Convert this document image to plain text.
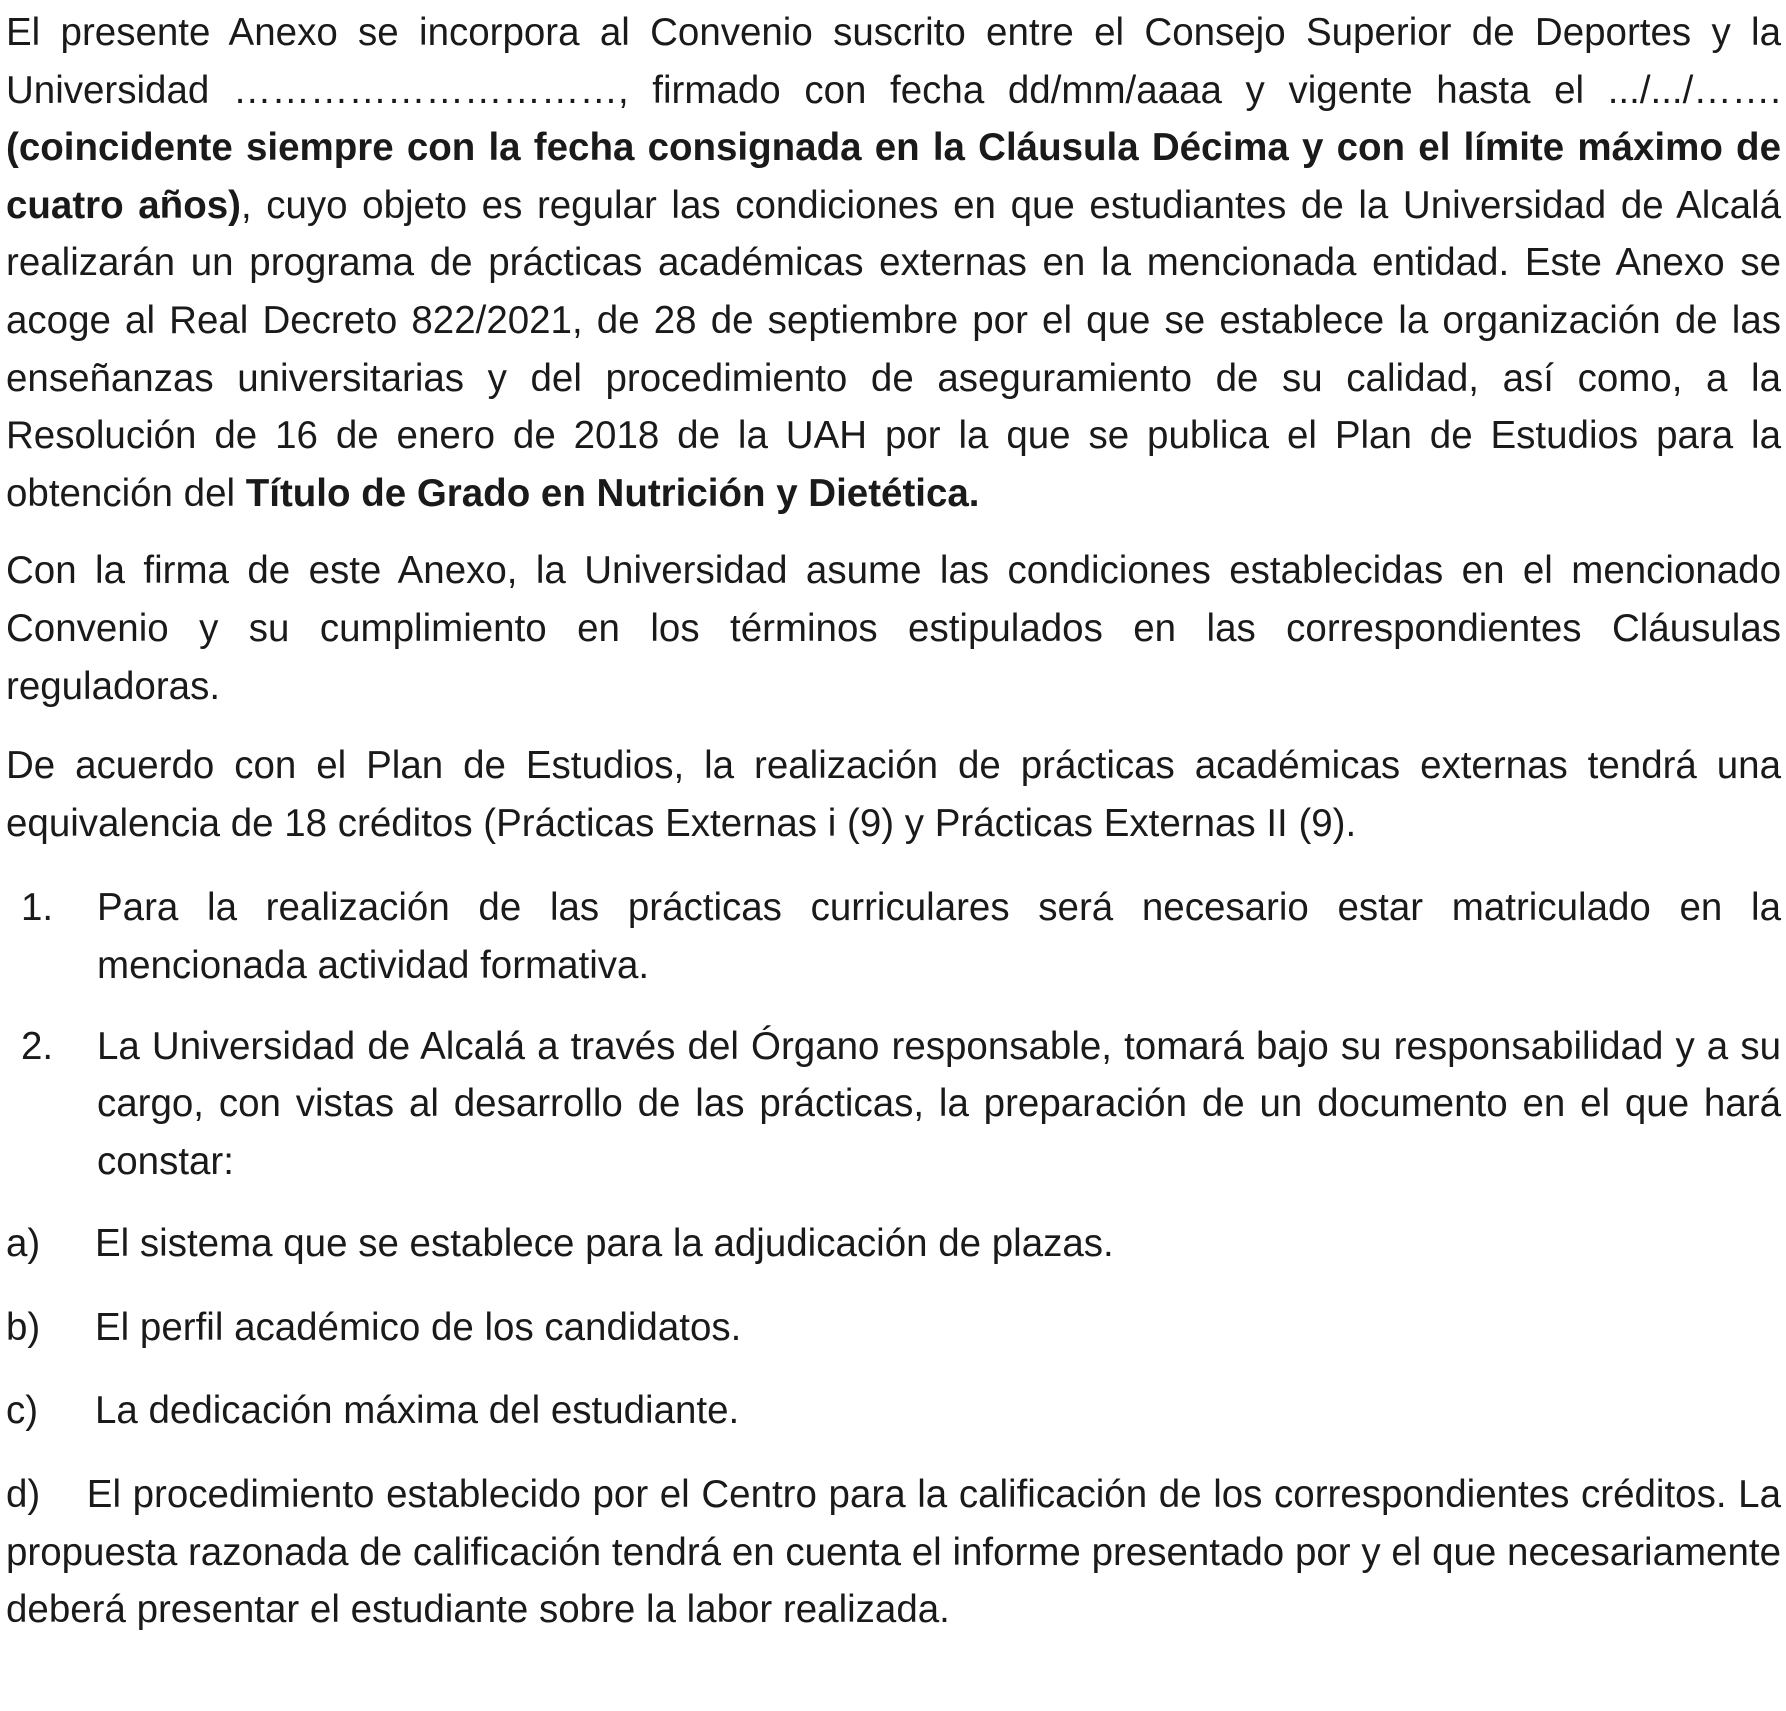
El presente Anexo se incorpora al Convenio suscrito entre el Consejo Superior de Deportes y la Universidad …………………………, firmado con fecha dd/mm/aaaa y vigente hasta el .../.../……. (coincidente siempre con la fecha consignada en la Cláusula Décima y con el límite máximo de cuatro años), cuyo objeto es regular las condiciones en que estudiantes de la Universidad de Alcalá realizarán un programa de prácticas académicas externas en la mencionada entidad. Este Anexo se acoge al Real Decreto 822/2021, de 28 de septiembre por el que se establece la organización de las enseñanzas universitarias y del procedimiento de aseguramiento de su calidad, así como, a la Resolución de 16 de enero de 2018 de la UAH por la que se publica el Plan de Estudios para la obtención del Título de Grado en Nutrición y Dietética.

Con la firma de este Anexo, la Universidad asume las condiciones establecidas en el mencionado Convenio y su cumplimiento en los términos estipulados en las correspondientes Cláusulas reguladoras.

De acuerdo con el Plan de Estudios, la realización de prácticas académicas externas tendrá una equivalencia de 18 créditos (Prácticas Externas i (9) y Prácticas Externas II (9).

1. Para la realización de las prácticas curriculares será necesario estar matriculado en la mencionada actividad formativa.

2. La Universidad de Alcalá a través del Órgano responsable, tomará bajo su responsabilidad y a su cargo, con vistas al desarrollo de las prácticas, la preparación de un documento en el que hará constar:

a) El sistema que se establece para la adjudicación de plazas.

b) El perfil académico de los candidatos.

c) La dedicación máxima del estudiante.

d) El procedimiento establecido por el Centro para la calificación de los correspondientes créditos. La propuesta razonada de calificación tendrá en cuenta el informe presentado por y el que necesariamente deberá presentar el estudiante sobre la labor realizada.
